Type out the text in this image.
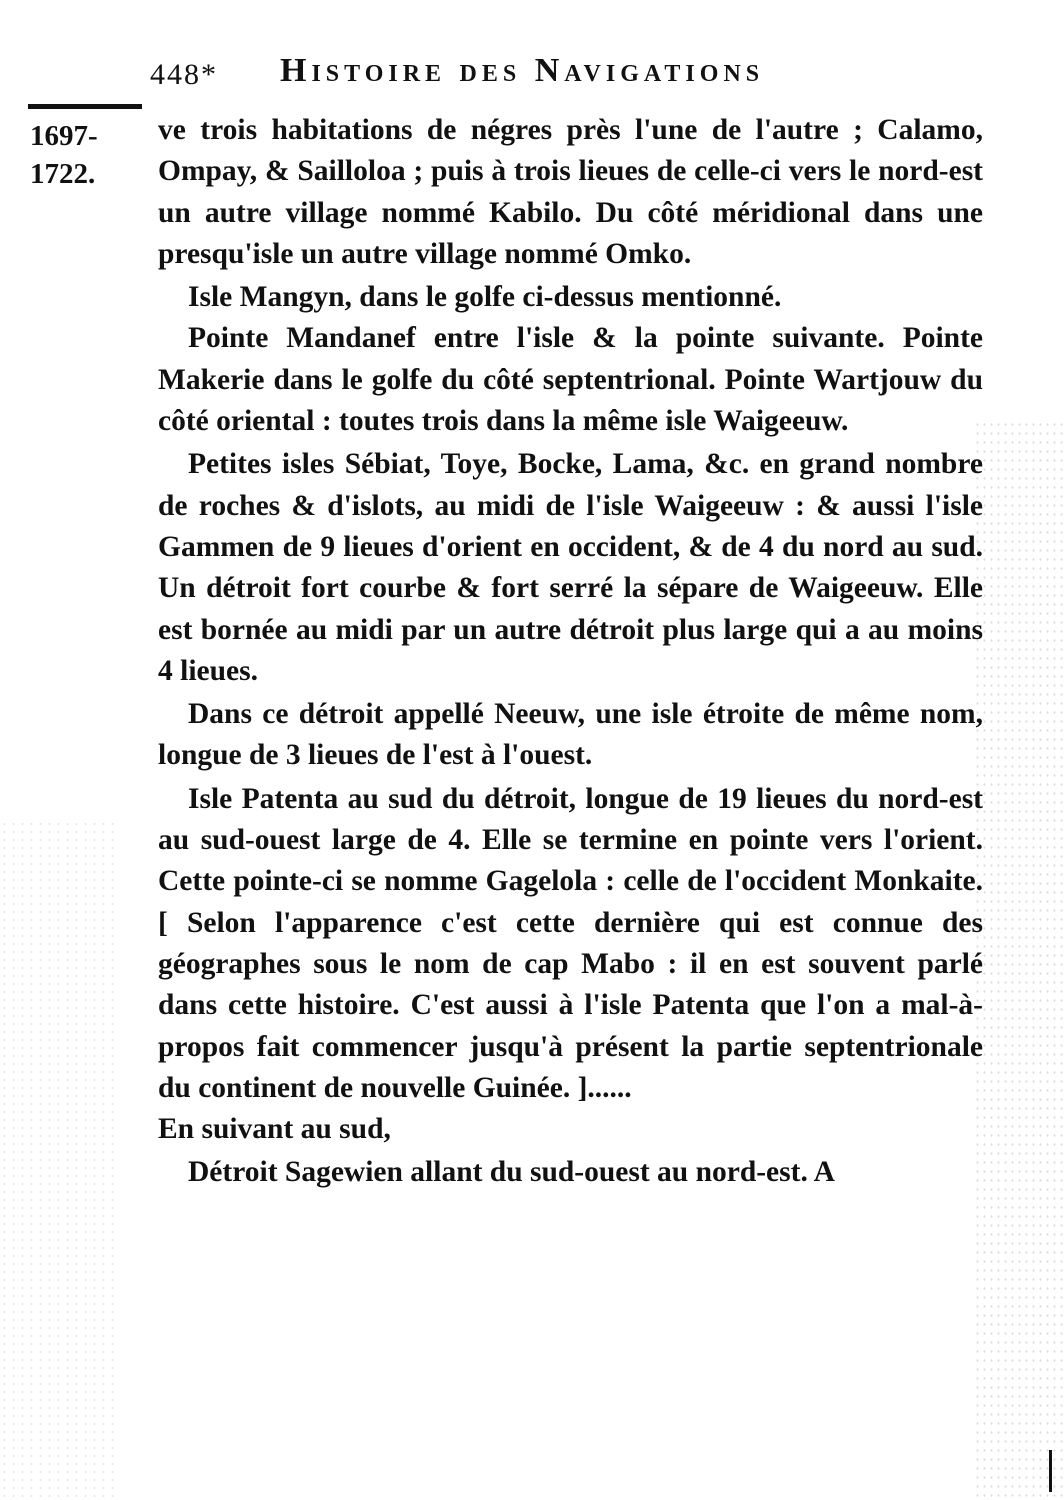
448* Histoire des Navigations
1697-
1722.

ve trois habitations de négres près l'une de l'autre ; Calamo, Ompay, & Sailloloa ; puis à trois lieues de celle-ci vers le nord-est un autre village nommé Kabilo. Du côté méridional dans une presqu'isle un autre village nommé Omko.

Isle Mangyn, dans le golfe ci-dessus mentionné.

Pointe Mandanef entre l'isle & la pointe suivante. Pointe Makerie dans le golfe du côté septentrional. Pointe Wartjouw du côté oriental : toutes trois dans la même isle Waigeeuw.

Petites isles Sébiat, Toye, Bocke, Lama, &c. en grand nombre de roches & d'islots, au midi de l'isle Waigeeuw : & aussi l'isle Gammen de 9 lieues d'orient en occident, & de 4 du nord au sud. Un détroit fort courbe & fort serré la sépare de Waigeeuw. Elle est bornée au midi par un autre détroit plus large qui a au moins 4 lieues.

Dans ce détroit appellé Neeuw, une isle étroite de même nom, longue de 3 lieues de l'est à l'ouest.

Isle Patenta au sud du détroit, longue de 19 lieues du nord-est au sud-ouest large de 4. Elle se termine en pointe vers l'orient. Cette pointe-ci se nomme Gagelola : celle de l'occident Monkaite. [ Selon l'apparence c'est cette dernière qui est connue des géographes sous le nom de cap Mabo : il en est souvent parlé dans cette histoire. C'est aussi à l'isle Patenta que l'on a mal-à-propos fait commencer jusqu'à présent la partie septentrionale du continent de nouvelle Guinée. ]......

En suivant au sud,

Détroit Sagewien allant du sud-ouest au nord-est. A
